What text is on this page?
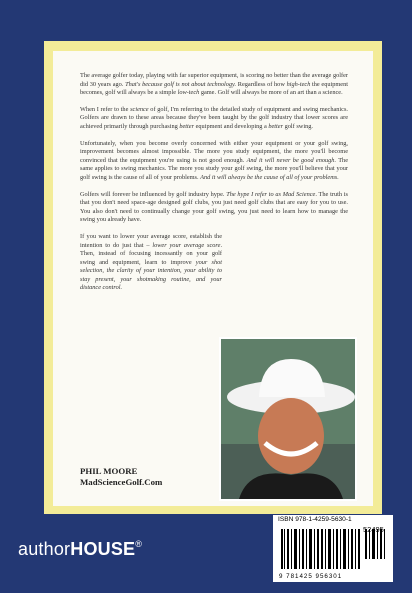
The average golfer today, playing with far superior equipment, is scoring no better than the average golfer did 30 years ago. That's because golf is not about technology. Regardless of how high-tech the equipment becomes, golf will always be a simple low-tech game. Golf will always be more of an art than a science.

When I refer to the science of golf, I'm referring to the detailed study of equipment and swing mechanics. Golfers are drawn to these areas because they've been taught by the golf industry that lower scores are achieved primarily through purchasing better equipment and developing a better golf swing.

Unfortunately, when you become overly concerned with either your equipment or your golf swing, improvement becomes almost impossible. The more you study equipment, the more you'll become convinced that the equipment you're using is not good enough. And it will never be good enough. The same applies to swing mechanics. The more you study your golf swing, the more you'll believe that your golf swing is the cause of all of your problems. And it will always be the cause of all of your problems.

Golfers will forever be influenced by golf industry hype. The hype I refer to as Mad Science. The truth is that you don't need space-age designed golf clubs, you just need golf clubs that are easy for you to use. You also don't need to continually change your golf swing, you just need to learn how to manage the swing you already have.

If you want to lower your average score, establish the intention to do just that – lower your average score. Then, instead of focusing incessantly on your golf swing and equipment, learn to improve your shot selection, the clarity of your intention, your ability to stay present, your shotmaking routine, and your distance control.

PHIL MOORE
MadScienceGolf.Com
authorHOUSE®
ISBN 978-1-4259-5630-1
52495
9 781425 956301
